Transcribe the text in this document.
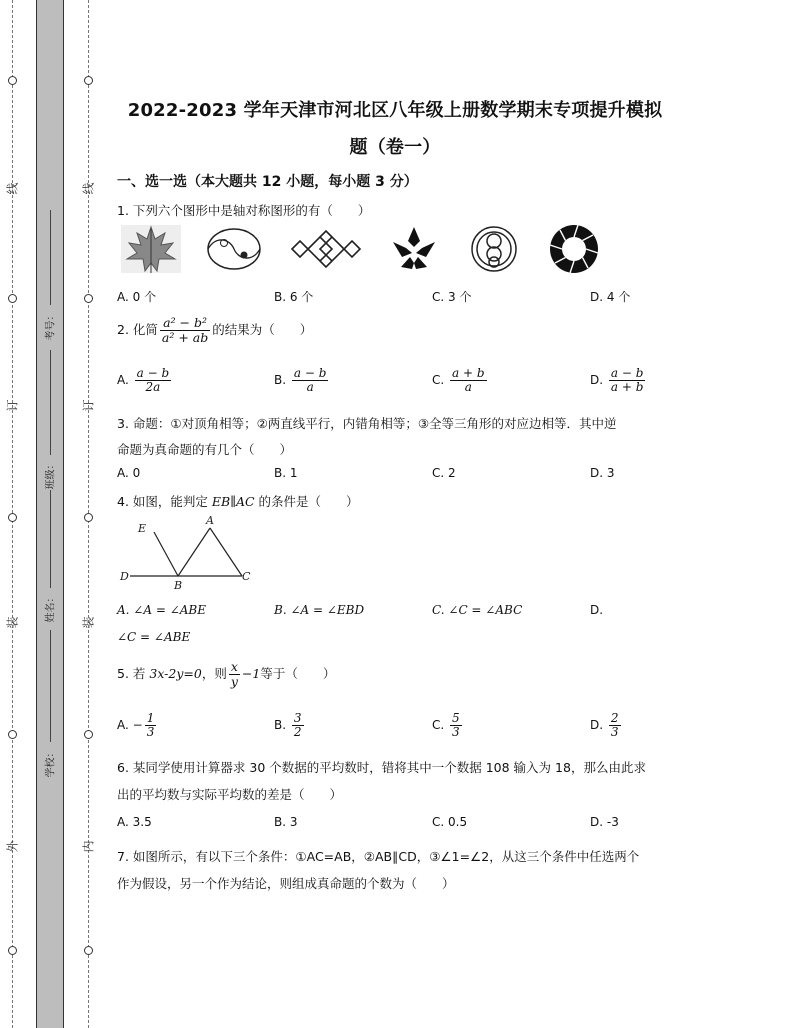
线
订
装
外
线
订
装
内
考号：
班级：
姓名：
学校：
2022-2023 学年天津市河北区八年级上册数学期末专项提升模拟
题（卷一）
一、选一选（本大题共 12 小题，每小题 3 分）
1. 下列六个图形中是轴对称图形的有（　　）
A. 0 个	B. 6 个	C. 3 个	D. 4 个
2. 化简 $\frac{\text{a² − b²}}{\text{a² + ab}}$ 的结果为（　　）
A. $\frac{a - b}{2a}$	B. $\frac{a - b}{a}$	C. $\frac{a + b}{a}$	D. $\frac{a - b}{a + b}$
3. 命题：①对顶角相等；②两直线平行，内错角相等；③全等三角形的对应边相等．其中逆
命题为真命题的有几个（　　）
A. 0	B. 1	C. 2	D. 3
4. 如图，能判定 EB∥AC 的条件是（　　）
E
A
D
B
C
A. ∠A = ∠ABE	B. ∠A = ∠EBD	C. ∠C = ∠ABC	D.
∠C = ∠ABE
5. 若 3x-2y=0，则 $\frac{x}{y} -1$等于（　　）
A. − $\frac{1}{3}$	B. $\frac{3}{2}$	C. $\frac{5}{3}$	D. $\frac{2}{3}$
6. 某同学使用计算器求 30 个数据的平均数时，错将其中一个数据 108 输入为 18，那么由此求
出的平均数与实际平均数的差是（　　）
A. 3.5	B. 3	C. 0.5	D. -3
7. 如图所示，有以下三个条件：①AC=AB，②AB∥CD，③∠1=∠2，从这三个条件中任选两个
作为假设，另一个作为结论，则组成真命题的个数为（　　）
